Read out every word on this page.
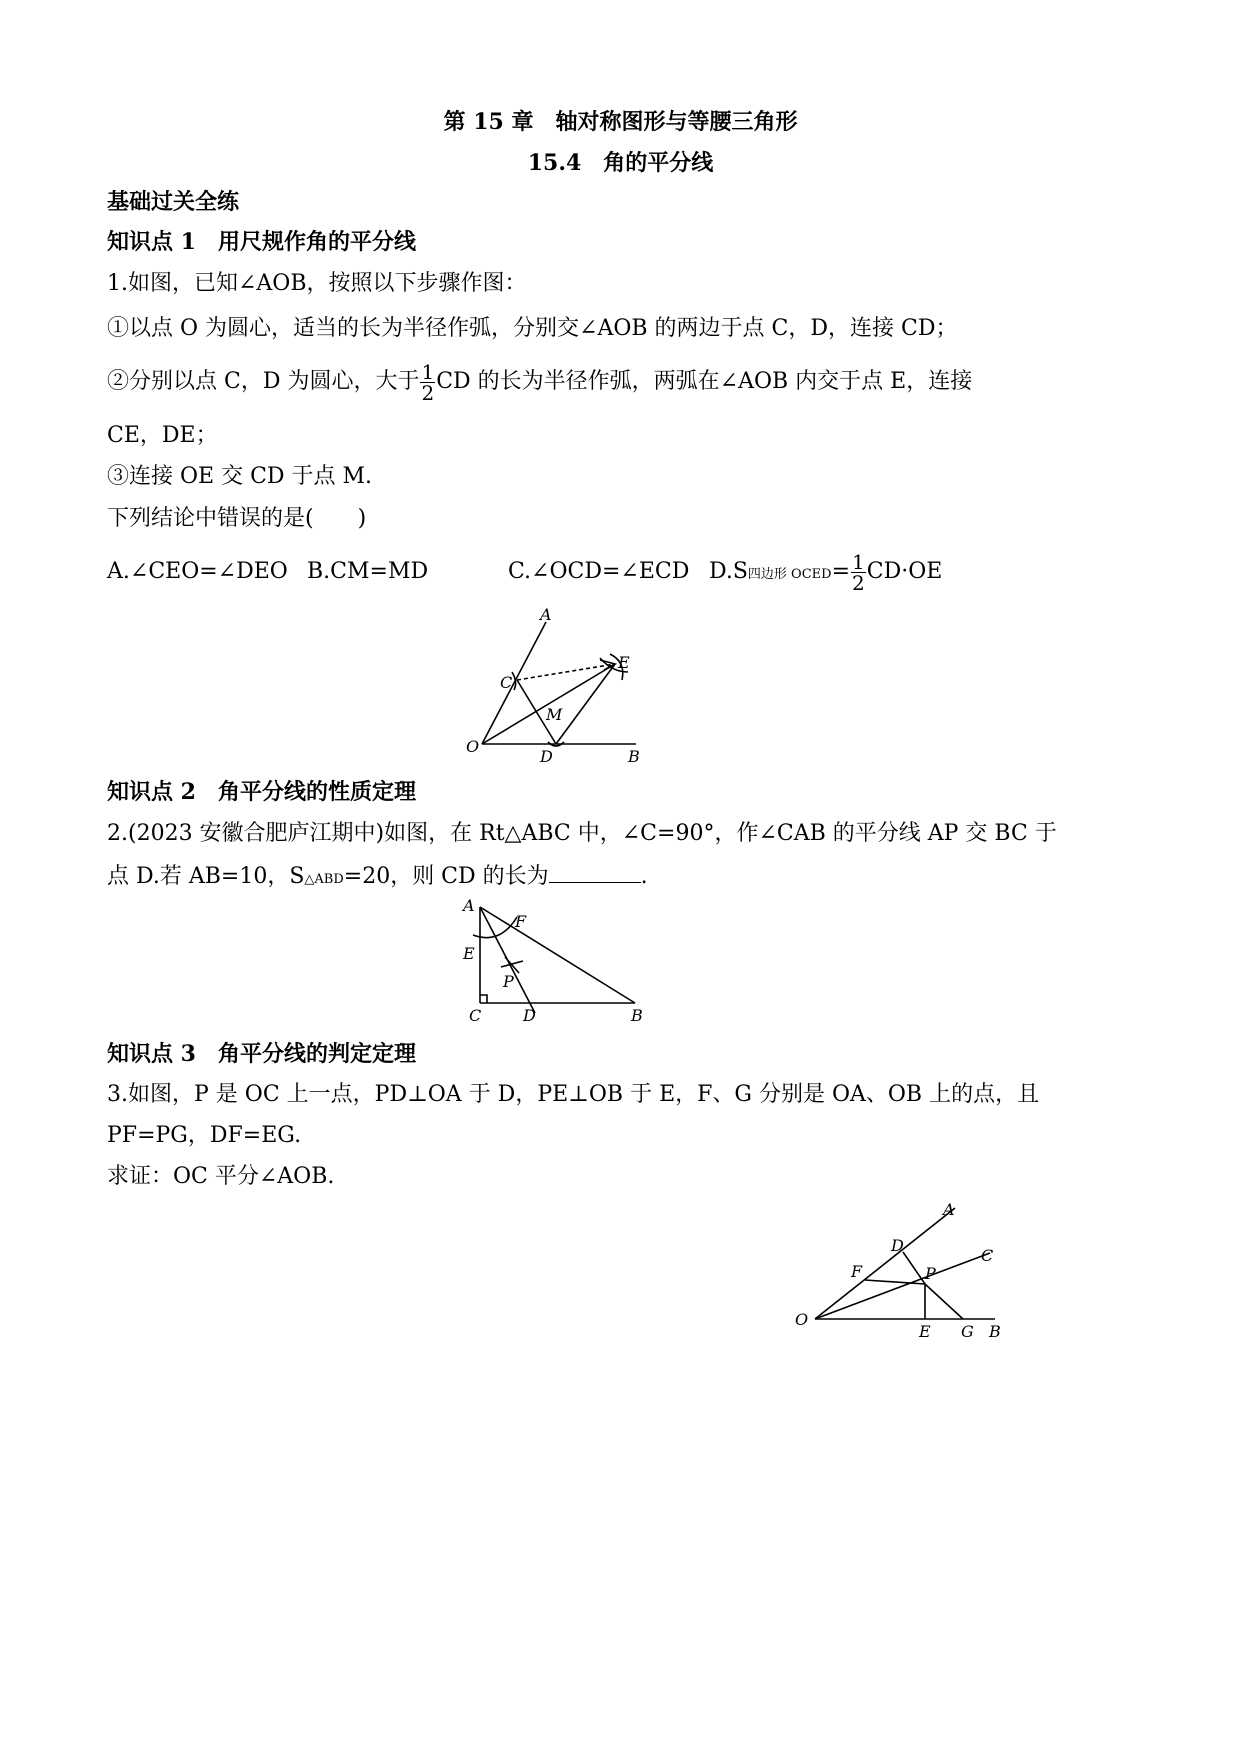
第 15 章　轴对称图形与等腰三角形
15.4　角的平分线
基础过关全练
知识点 1　用尺规作角的平分线
1.如图，已知∠AOB，按照以下步骤作图：
①以点 O 为圆心，适当的长为半径作弧，分别交∠AOB 的两边于点 C，D，连接 CD；
②分别以点 C，D 为圆心，大于 $\frac{1}{2}$ CD 的长为半径作弧，两弧在∠AOB 内交于点 E，连接
CE，DE；
③连接 OE 交 CD 于点 M.
下列结论中错误的是(　　)
A.∠CEO=∠DEO B.CM=MD	C.∠OCD=∠ECD D.S四边形 OCED= $\frac{1}{2} CD\cdot OE$
A
E
C
M
O
D	B
知识点 2　角平分线的性质定理
2.(2023 安徽合肥庐江期中)如图，在 Rt△ABC 中，∠C=90°，作∠CAB 的平分线 AP 交 BC 于
点 D.若 AB=10，S△ABD=20，则 CD 的长为	.
A
F
E
P
C	D	B
知识点 3　角平分线的判定定理
3.如图，P 是 OC 上一点，PD⊥OA 于 D，PE⊥OB 于 E，F、G 分别是 OA、OB 上的点，且
PF=PG，DF=EG.
求证：OC 平分∠AOB.
A
D
C
F	P
O
E G B
